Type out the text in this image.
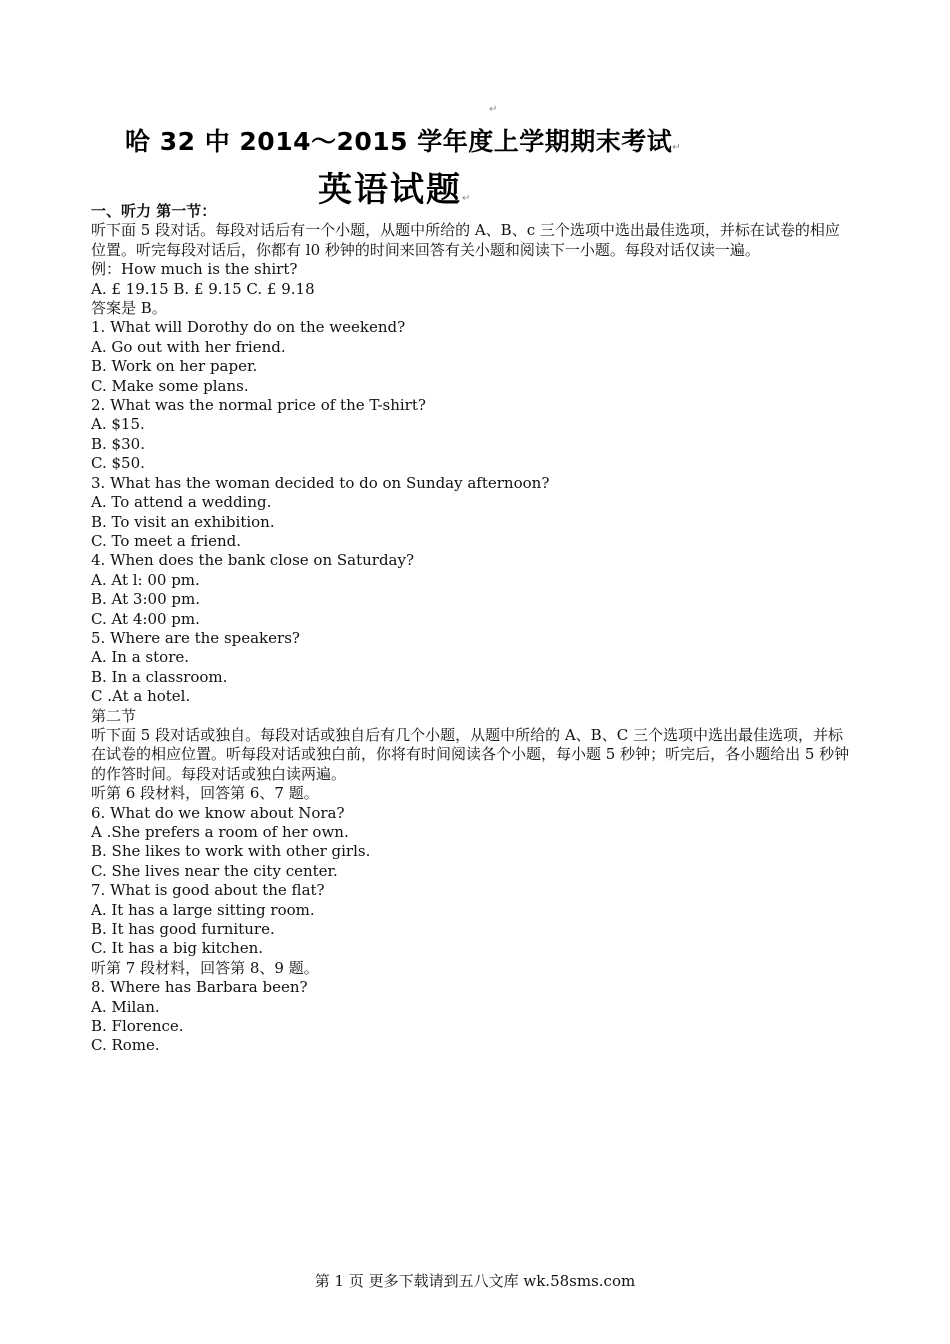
↵
哈 32 中 2014～2015 学年度上学期期末考试↵
英语试题↵
一、听力 第一节：
听下面 5 段对话。每段对话后有一个小题，从题中所给的 A、B、c 三个选项中选出最佳选项，并标在试卷的相应位置。听完每段对话后，你都有 l0 秒钟的时间来回答有关小题和阅读下一小题。每段对话仅读一遍。
例：How much is the shirt?
A. £ 19.15 B. £ 9.15 C. £ 9.18
答案是 B。
1. What will Dorothy do on the weekend?
A. Go out with her friend.
B. Work on her paper.
C. Make some plans.
2. What was the normal price of the T-shirt?
A. $15.
B. $30.
C. $50.
3. What has the woman decided to do on Sunday afternoon?
A. To attend a wedding.
B. To visit an exhibition.
C. To meet a friend.
4. When does the bank close on Saturday?
A. At l: 00 pm.
B. At 3:00 pm.
C. At 4:00 pm.
5. Where are the speakers?
A. In a store.
B. In a classroom.
C .At a hotel.
第二节
听下面 5 段对话或独自。每段对话或独自后有几个小题，从题中所给的 A、B、C 三个选项中选出最佳选项，并标在试卷的相应位置。听每段对话或独白前，你将有时间阅读各个小题，每小题 5 秒钟；听完后，各小题给出 5 秒钟的作答时间。每段对话或独白读两遍。
听第 6 段材料，回答第 6、7 题。
6. What do we know about Nora?
A .She prefers a room of her own.
B. She likes to work with other girls.
C. She lives near the city center.
7. What is good about the flat?
A. It has a large sitting room.
B. It has good furniture.
C. It has a big kitchen.
听第 7 段材料，回答第 8、9 题。
8. Where has Barbara been?
A. Milan.
B. Florence.
C. Rome.
第 1 页 更多下载请到五八文库 wk.58sms.com
